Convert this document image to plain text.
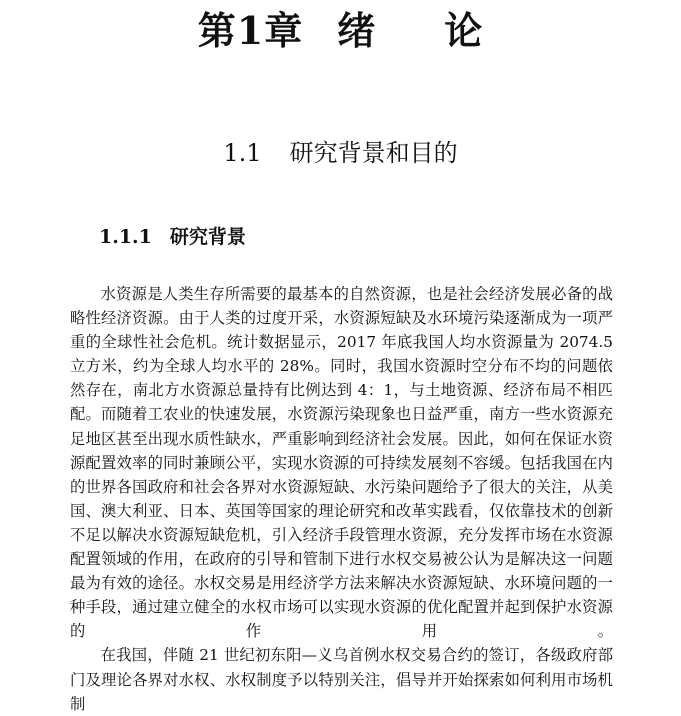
第1章 绪 论
1.1 研究背景和目的
1.1.1 研究背景

水资源是人类生存所需要的最基本的自然资源，也是社会经济发展必备的战略性经济资源。由于人类的过度开采，水资源短缺及水环境污染逐渐成为一项严重的全球性社会危机。统计数据显示，2017 年底我国人均水资源量为 2074.5 立方米，约为全球人均水平的 28%。同时，我国水资源时空分布不均的问题依然存在，南北方水资源总量持有比例达到 4：1，与土地资源、经济布局不相匹配。而随着工农业的快速发展，水资源污染现象也日益严重，南方一些水资源充足地区甚至出现水质性缺水，严重影响到经济社会发展。因此，如何在保证水资源配置效率的同时兼顾公平，实现水资源的可持续发展刻不容缓。包括我国在内的世界各国政府和社会各界对水资源短缺、水污染问题给予了很大的关注，从美国、澳大利亚、日本、英国等国家的理论研究和改革实践看，仅依靠技术的创新不足以解决水资源短缺危机，引入经济手段管理水资源，充分发挥市场在水资源配置领域的作用，在政府的引导和管制下进行水权交易被公认为是解决这一问题最为有效的途径。水权交易是用经济学方法来解决水资源短缺、水环境问题的一种手段，通过建立健全的水权市场可以实现水资源的优化配置并起到保护水资源的作用。

在我国，伴随 21 世纪初东阳—义乌首例水权交易合约的签订，各级政府部门及理论各界对水权、水权制度予以特别关注，倡导并开始探索如何利用市场机制
